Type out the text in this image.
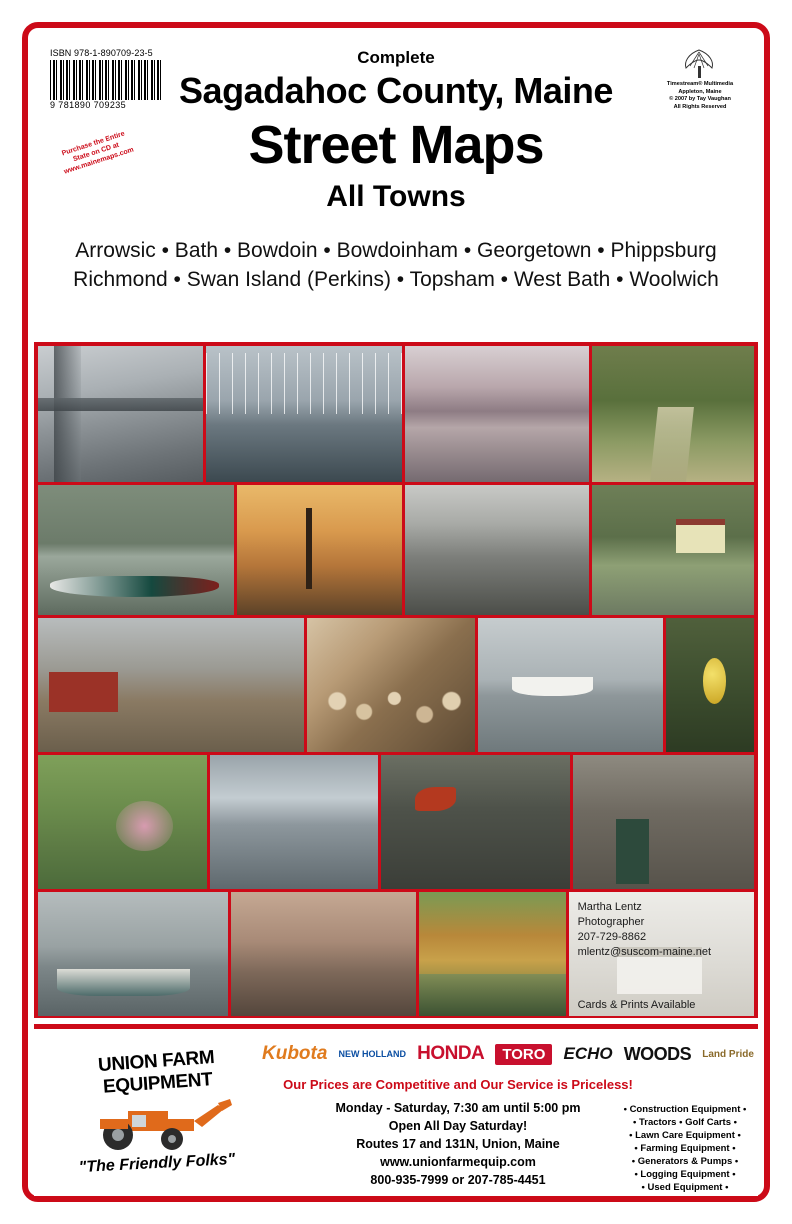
ISBN 978-1-890709-23-5
9 781890 709235
Purchase the Entire State on CD at www.mainemaps.com
Timestream® Multimedia
Appleton, Maine
© 2007 by Tay Vaughan
All Rights Reserved
Complete
Sagadahoc County, Maine
Street Maps
All Towns
Arrowsic • Bath • Bowdoin • Bowdoinham • Georgetown • Phippsburg
Richmond • Swan Island (Perkins) • Topsham • West Bath • Woolwich
Martha Lentz
Photographer
207-729-8862
mlentz@suscom-maine.net
Cards & Prints Available
Kubota NEW HOLLAND HONDA	TORO	ECHO WOODS Land Pride
UNION FARM EQUIPMENT
"The Friendly Folks"
Our Prices are Competitive and Our Service is Priceless!
Monday - Saturday, 7:30 am until 5:00 pm
Open All Day Saturday!
Routes 17 and 131N, Union, Maine
www.unionfarmequip.com
800-935-7999 or 207-785-4451
• Construction Equipment •
• Tractors • Golf Carts •
• Lawn Care Equipment •
• Farming Equipment •
• Generators & Pumps •
• Logging Equipment •
• Used Equipment •
